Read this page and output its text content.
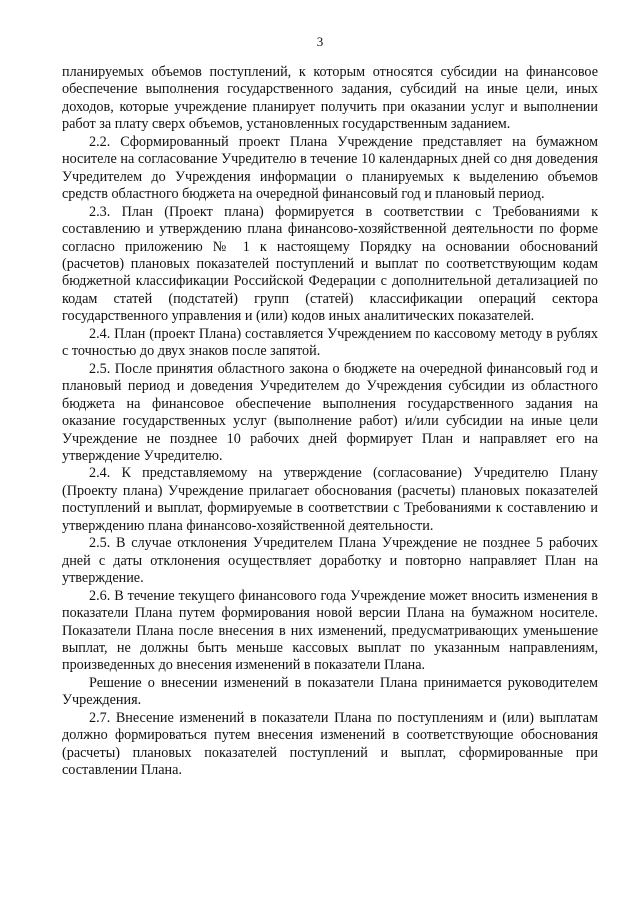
3

планируемых объемов поступлений, к которым относятся субсидии на финансовое обеспечение выполнения государственного задания, субсидий на иные цели, иных доходов, которые учреждение планирует получить при оказании услуг и выполнении работ за плату сверх объемов, установленных государственным заданием.

2.2. Сформированный проект Плана Учреждение представляет на бумажном носителе на согласование Учредителю в течение 10 календарных дней со дня доведения Учредителем до Учреждения информации о планируемых к выделению объемов средств областного бюджета на очередной финансовый год и плановый период.

2.3. План (Проект плана) формируется в соответствии с Требованиями к составлению и утверждению плана финансово-хозяйственной деятельности по форме согласно приложению № 1 к настоящему Порядку на основании обоснований (расчетов) плановых показателей поступлений и выплат по соответствующим кодам бюджетной классификации Российской Федерации с дополнительной детализацией по кодам статей (подстатей) групп (статей) классификации операций сектора государственного управления и (или) кодов иных аналитических показателей.

2.4. План (проект Плана) составляется Учреждением по кассовому методу в рублях с точностью до двух знаков после запятой.

2.5. После принятия областного закона о бюджете на очередной финансовый год и плановый период и доведения Учредителем до Учреждения субсидии из областного бюджета на финансовое обеспечение выполнения государственного задания на оказание государственных услуг (выполнение работ) и/или субсидии на иные цели Учреждение не позднее 10 рабочих дней формирует План и направляет его на утверждение Учредителю.

2.4. К представляемому на утверждение (согласование) Учредителю Плану (Проекту плана) Учреждение прилагает обоснования (расчеты) плановых показателей поступлений и выплат, формируемые в соответствии с Требованиями к составлению и утверждению плана финансово-хозяйственной деятельности.

2.5. В случае отклонения Учредителем Плана Учреждение не позднее 5 рабочих дней с даты отклонения осуществляет доработку и повторно направляет План на утверждение.

2.6. В течение текущего финансового года Учреждение может вносить изменения в показатели Плана путем формирования новой версии Плана на бумажном носителе. Показатели Плана после внесения в них изменений, предусматривающих уменьшение выплат, не должны быть меньше кассовых выплат по указанным направлениям, произведенных до внесения изменений в показатели Плана.

Решение о внесении изменений в показатели Плана принимается руководителем Учреждения.

2.7. Внесение изменений в показатели Плана по поступлениям и (или) выплатам должно формироваться путем внесения изменений в соответствующие обоснования (расчеты) плановых показателей поступлений и выплат, сформированные при составлении Плана.
